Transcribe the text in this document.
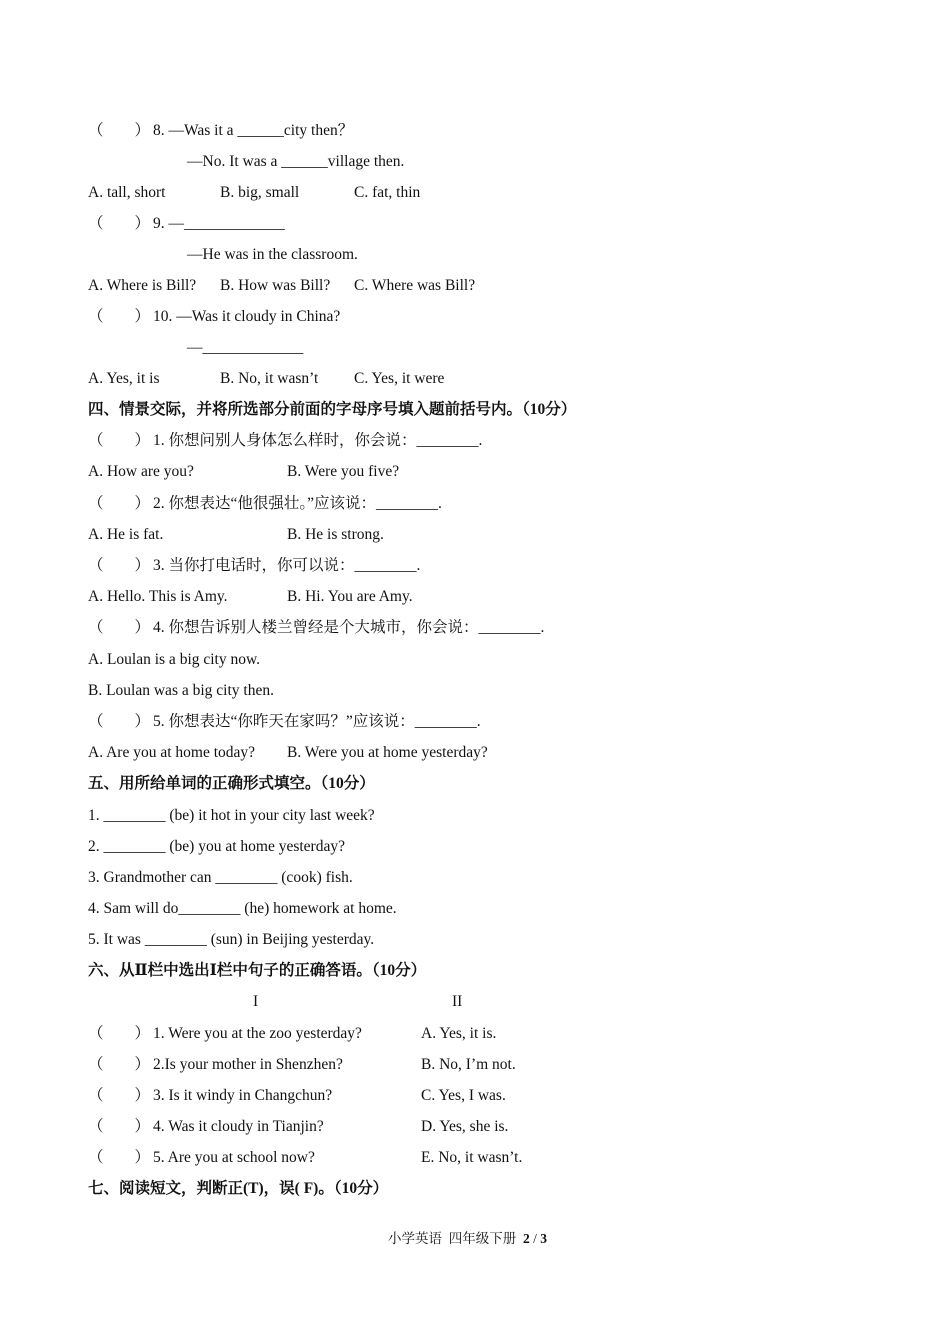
（　　） 8. —Was it a ______city then？
—No. It was a ______village then.
A. tall, short	B. big, small	C. fat, thin
（　　） 9. —_____________
—He was in the classroom.
A. Where is Bill? B. How was Bill? C. Where was Bill?
（　　） 10. —Was it cloudy in China?
—_____________
A. Yes, it is	B. No, it wasn’t C. Yes, it were
四、情景交际，并将所选部分前面的字母序号填入题前括号内。（10分）
（　　） 1. 你想问别人身体怎么样时，你会说：________.
A. How are you?	B. Were you five?
（　　） 2. 你想表达“他很强壮。”应该说：________.
A. He is fat.	B. He is strong.
（　　） 3. 当你打电话时，你可以说：________.
A. Hello. This is Amy.	B. Hi. You are Amy.
（　　） 4. 你想告诉别人楼兰曾经是个大城市，你会说：________.
A. Loulan is a big city now.
B. Loulan was a big city then.
（　　） 5. 你想表达“你昨天在家吗？”应该说：________.
A. Are you at home today? B. Were you at home yesterday?
五、用所给单词的正确形式填空。（10分）
1. ________ (be) it hot in your city last week?
2. ________ (be) you at home yesterday?
3. Grandmother can ________ (cook) fish.
4. Sam will do________ (he) homework at home.
5. It was ________ (sun) in Beijing yesterday.
六、从Ⅱ栏中选出Ⅰ栏中句子的正确答语。（10分）
I	II
（　　） 1. Were you at the zoo yesterday?	A. Yes, it is.
（　　） 2.Is your mother in Shenzhen?	B. No, I’m not.
（　　） 3. Is it windy in Changchun?	C. Yes, I was.
（　　） 4. Was it cloudy in Tianjin?	D. Yes, she is.
（　　） 5. Are you at school now?	E. No, it wasn’t.
七、阅读短文，判断正(T)，误( F)。（10分）
小学英语  四年级下册  2 / 3
